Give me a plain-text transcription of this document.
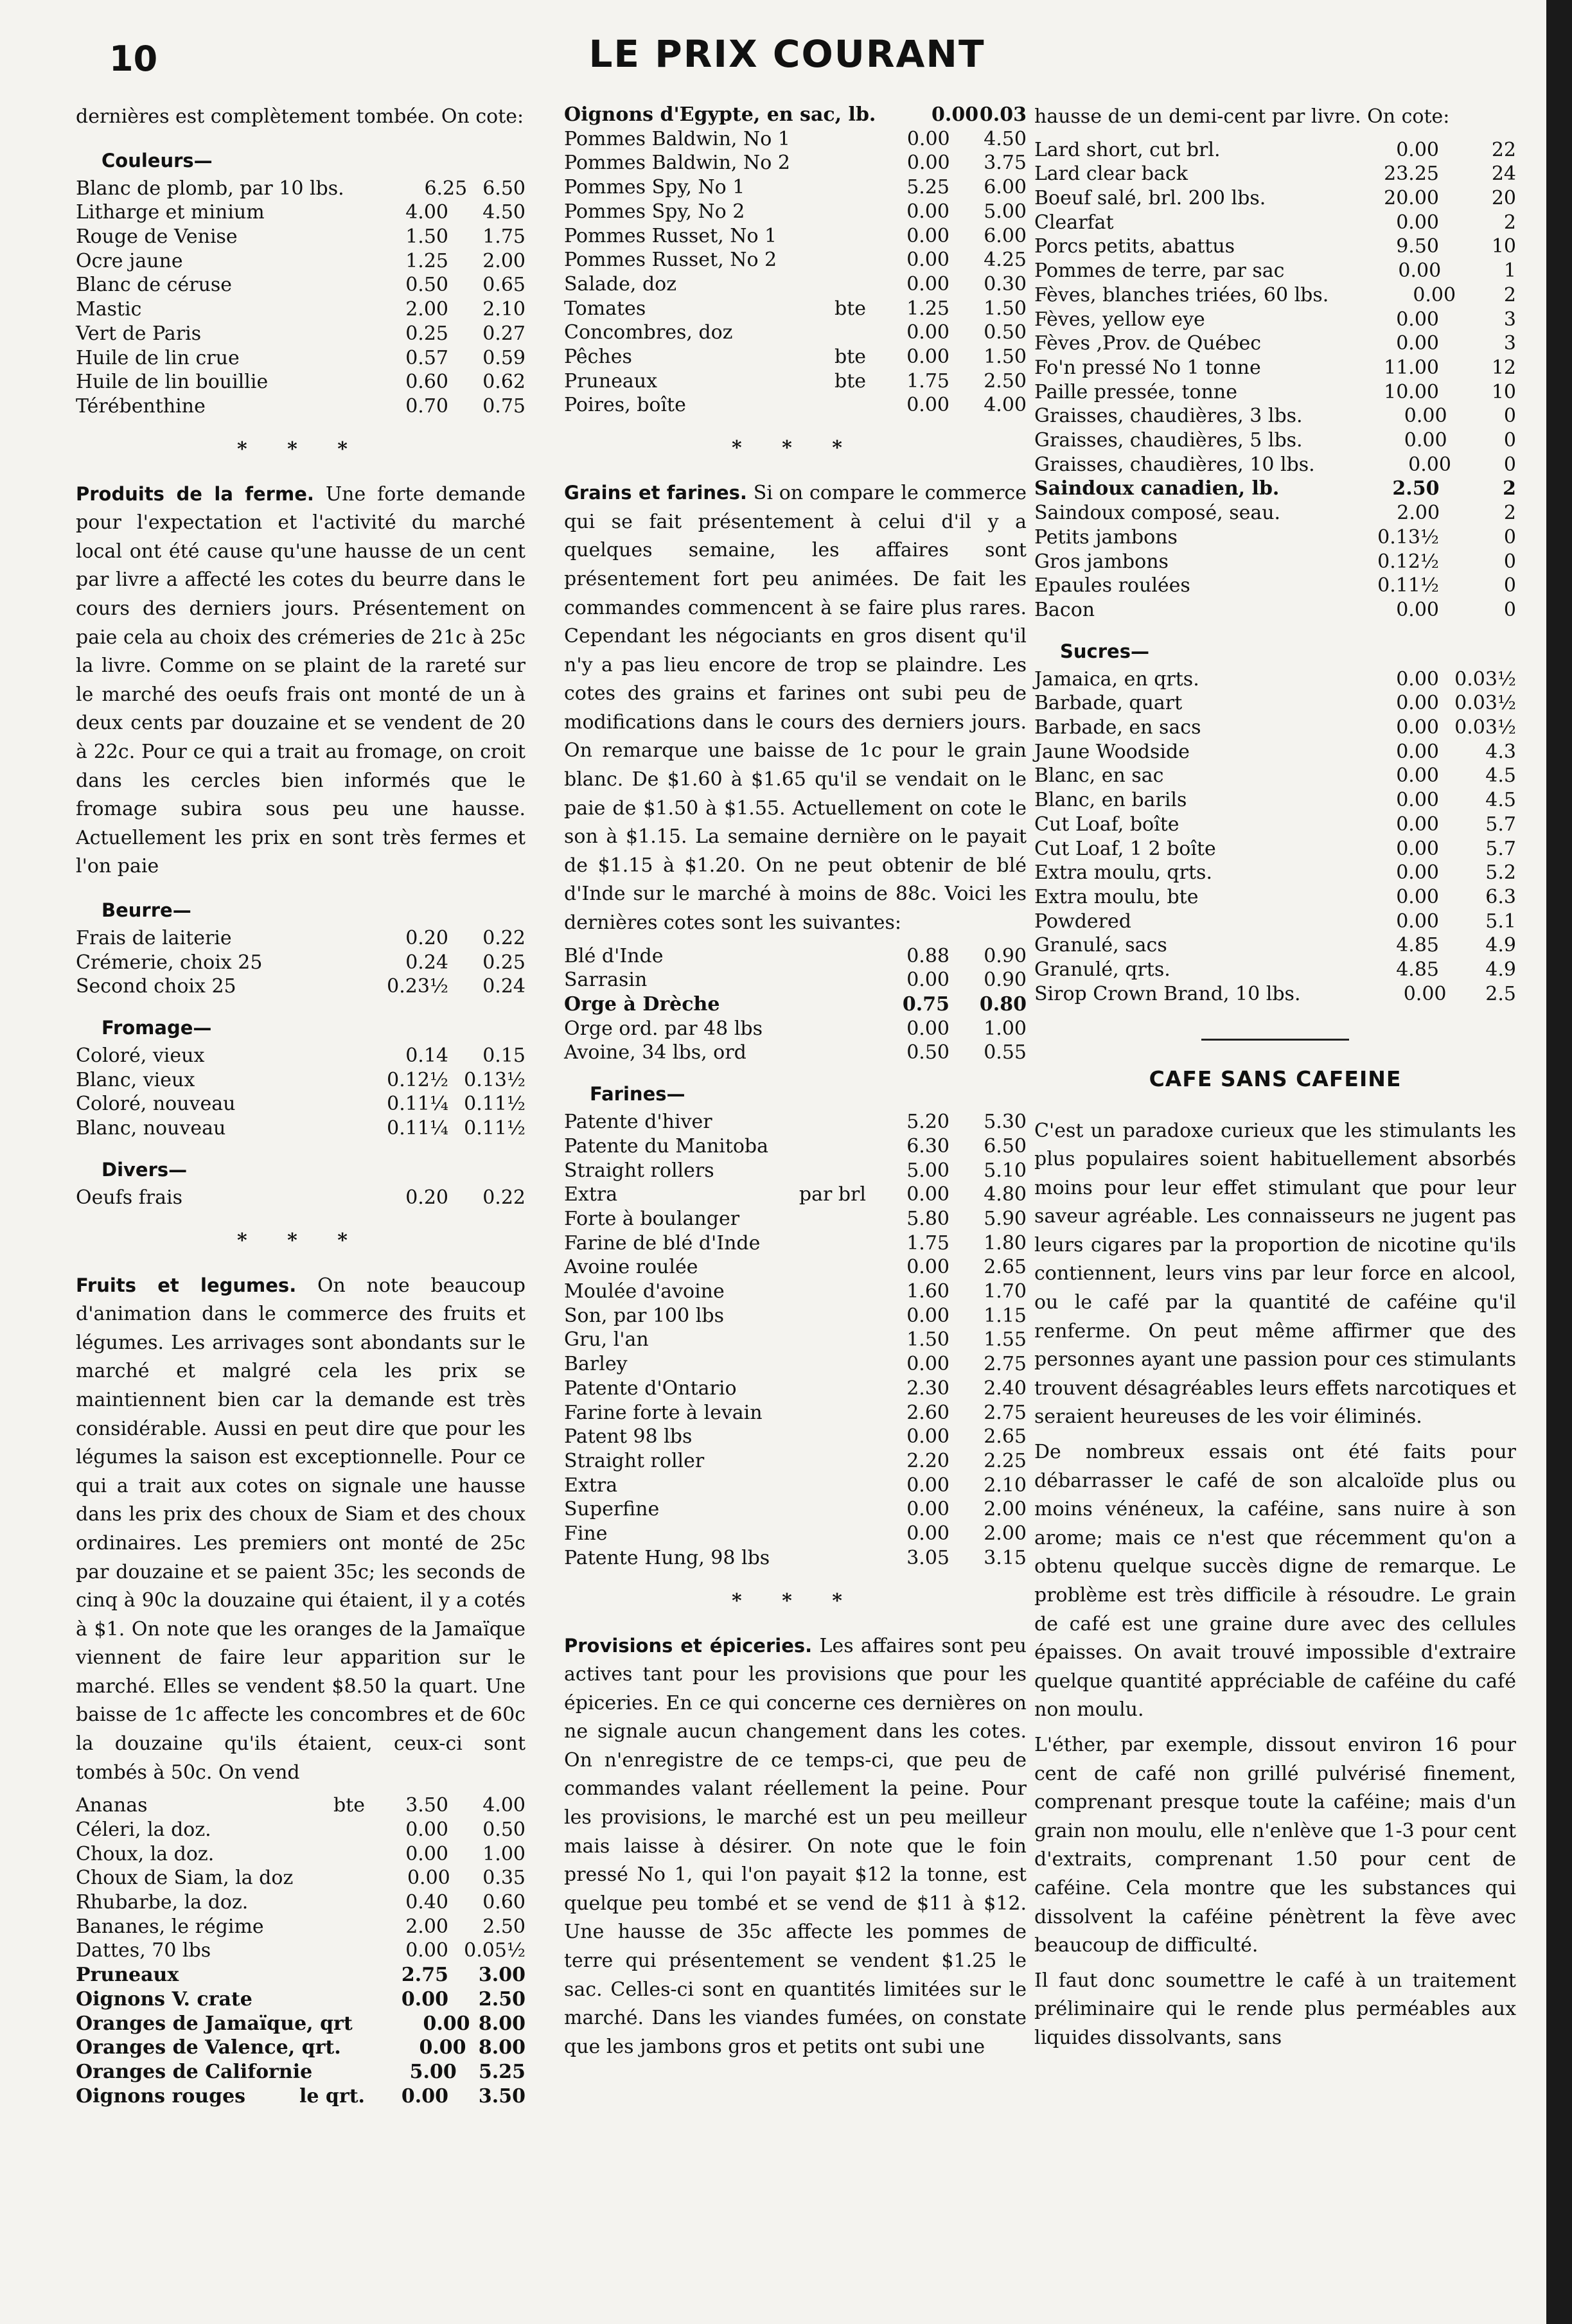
10	LE PRIX COURANT

dernières est complètement tombée. On cote:

Couleurs—
Blanc de plomb, par 10 lbs.	6.25 6.50
Litharge et minium	4.00	4.50
Rouge de Venise	1.50	1.75
Ocre jaune	1.25	2.00
Blanc de céruse	0.50	0.65
Mastic	2.00	2.10
Vert de Paris	0.25	0.27
Huile de lin crue	0.57	0.59
Huile de lin bouillie	0.60	0.62
Térébenthine	0.70	0.75
* * *

Produits de la ferme. Une forte demande pour l'expectation et l'activité du marché local ont été cause qu'une hausse de un cent par livre a affecté les cotes du beurre dans le cours des derniers jours. Présentement on paie cela au choix des crémeries de 21c à 25c la livre. Comme on se plaint de la rareté sur le marché des oeufs frais ont monté de un à deux cents par douzaine et se vendent de 20 à 22c. Pour ce qui a trait au fromage, on croit dans les cercles bien informés que le fromage subira sous peu une hausse. Actuellement les prix en sont très fermes et l'on paie

Beurre—
Frais de laiterie	0.20	0.22
Crémerie, choix 25	0.24	0.25
Second choix 25	0.23½	0.24
Fromage—
Coloré, vieux	0.14	0.15
Blanc, vieux	0.12½ 0.13½
Coloré, nouveau	0.11¼ 0.11½
Blanc, nouveau	0.11¼ 0.11½
Divers—
Oeufs frais	0.20	0.22
* * *

Fruits et legumes. On note beaucoup d'animation dans le commerce des fruits et légumes. Les arrivages sont abondants sur le marché et malgré cela les prix se maintiennent bien car la demande est très considérable. Aussi en peut dire que pour les légumes la saison est exceptionnelle. Pour ce qui a trait aux cotes on signale une hausse dans les prix des choux de Siam et des choux ordinaires. Les premiers ont monté de 25c par douzaine et se paient 35c; les seconds de cinq à 90c la douzaine qui étaient, il y a cotés à $1. On note que les oranges de la Jamaïque viennent de faire leur apparition sur le marché. Elles se vendent $8.50 la quart. Une baisse de 1c affecte les concombres et de 60c la douzaine qu'ils étaient, ceux-ci sont tombés à 50c. On vend

Ananas	bte	3.50	4.00
Céleri, la doz.	0.00	0.50
Choux, la doz.	0.00	1.00
Choux de Siam, la doz	0.00	0.35
Rhubarbe, la doz.	0.40	0.60
Bananes, le régime	2.00	2.50
Dattes, 70 lbs	0.00 0.05½
Pruneaux	2.75	3.00
Oignons V. crate	0.00	2.50
Oranges de Jamaïque, qrt	0.00 8.00
Oranges de Valence, qrt.	0.00 8.00
Oranges de Californie	5.00	5.25
Oignons rouges	le qrt.	0.00	3.50
Oignons d'Egypte, en sac, lb.	0.00 0.03
Pommes Baldwin, No 1	0.00	4.50
Pommes Baldwin, No 2	0.00	3.75
Pommes Spy, No 1	5.25	6.00
Pommes Spy, No 2	0.00	5.00
Pommes Russet, No 1	0.00	6.00
Pommes Russet, No 2	0.00	4.25
Salade, doz	0.00	0.30
Tomates	bte	1.25	1.50
Concombres, doz	0.00	0.50
Pêches	bte	0.00	1.50
Pruneaux	bte	1.75	2.50
Poires, boîte	0.00	4.00
* * *

Grains et farines. Si on compare le commerce qui se fait présentement à celui d'il y a quelques semaine, les affaires sont présentement fort peu animées. De fait les commandes commencent à se faire plus rares. Cependant les négociants en gros disent qu'il n'y a pas lieu encore de trop se plaindre. Les cotes des grains et farines ont subi peu de modifications dans le cours des derniers jours. On remarque une baisse de 1c pour le grain blanc. De $1.60 à $1.65 qu'il se vendait on le paie de $1.50 à $1.55. Actuellement on cote le son à $1.15. La semaine dernière on le payait de $1.15 à $1.20. On ne peut obtenir de blé d'Inde sur le marché à moins de 88c. Voici les dernières cotes sont les suivantes:

Blé d'Inde	0.88	0.90
Sarrasin	0.00	0.90
Orge à Drèche	0.75	0.80
Orge ord. par 48 lbs	0.00	1.00
Avoine, 34 lbs, ord	0.50	0.55
Farines—
Patente d'hiver	5.20	5.30
Patente du Manitoba	6.30	6.50
Straight rollers	5.00	5.10
Extra	par brl	0.00	4.80
Forte à boulanger	5.80	5.90
Farine de blé d'Inde	1.75	1.80
Avoine roulée	0.00	2.65
Moulée d'avoine	1.60	1.70
Son, par 100 lbs	0.00	1.15
Gru, l'an	1.50	1.55
Barley	0.00	2.75
Patente d'Ontario	2.30	2.40
Farine forte à levain	2.60	2.75
Patent 98 lbs	0.00	2.65
Straight roller	2.20	2.25
Extra	0.00	2.10
Superfine	0.00	2.00
Fine	0.00	2.00
Patente Hung, 98 lbs	3.05	3.15
* * *

Provisions et épiceries. Les affaires sont peu actives tant pour les provisions que pour les épiceries. En ce qui concerne ces dernières on ne signale aucun changement dans les cotes. On n'enregistre de ce temps-ci, que peu de commandes valant réellement la peine. Pour les provisions, le marché est un peu meilleur mais laisse à désirer. On note que le foin pressé No 1, qui l'on payait $12 la tonne, est quelque peu tombé et se vend de $11 à $12. Une hausse de 35c affecte les pommes de terre qui présentement se vendent $1.25 le sac. Celles-ci sont en quantités limitées sur le marché. Dans les viandes fumées, on constate que les jambons gros et petits ont subi une

hausse de un demi-cent par livre. On cote:

Lard short, cut brl.	0.00	22
Lard clear back	23.25	24
Boeuf salé, brl. 200 lbs.	20.00	20
Clearfat	0.00	2
Porcs petits, abattus	9.50	10
Pommes de terre, par sac	0.00	1
Fèves, blanches triées, 60 lbs.	0.00	2
Fèves, yellow eye	0.00	3
Fèves ,Prov. de Québec	0.00	3
Fo'n pressé No 1 tonne	11.00	12
Paille pressée, tonne	10.00	10
Graisses, chaudières, 3 lbs.	0.00	0
Graisses, chaudières, 5 lbs.	0.00	0
Graisses, chaudières, 10 lbs.	0.00	0
Saindoux canadien, lb.	2.50	2
Saindoux composé, seau.	2.00	2
Petits jambons	0.13½	0
Gros jambons	0.12½	0
Epaules roulées	0.11½	0
Bacon	0.00	0
Sucres—
Jamaica, en qrts.	0.00 0.03½
Barbade, quart	0.00 0.03½
Barbade, en sacs	0.00 0.03½
Jaune Woodside	0.00	4.3
Blanc, en sac	0.00	4.5
Blanc, en barils	0.00	4.5
Cut Loaf, boîte	0.00	5.7
Cut Loaf, 1 2 boîte	0.00	5.7
Extra moulu, qrts.	0.00	5.2
Extra moulu, bte	0.00	6.3
Powdered	0.00	5.1
Granulé, sacs	4.85	4.9
Granulé, qrts.	4.85	4.9
Sirop Crown Brand, 10 lbs.	0.00	2.5
CAFE SANS CAFEINE

C'est un paradoxe curieux que les stimulants les plus populaires soient habituellement absorbés moins pour leur effet stimulant que pour leur saveur agréable. Les connaisseurs ne jugent pas leurs cigares par la proportion de nicotine qu'ils contiennent, leurs vins par leur force en alcool, ou le café par la quantité de caféine qu'il renferme. On peut même affirmer que des personnes ayant une passion pour ces stimulants trouvent désagréables leurs effets narcotiques et seraient heureuses de les voir éliminés.

De nombreux essais ont été faits pour débarrasser le café de son alcaloïde plus ou moins vénéneux, la caféine, sans nuire à son arome; mais ce n'est que récemment qu'on a obtenu quelque succès digne de remarque. Le problème est très difficile à résoudre. Le grain de café est une graine dure avec des cellules épaisses. On avait trouvé impossible d'extraire quelque quantité appréciable de caféine du café non moulu.

L'éther, par exemple, dissout environ 16 pour cent de café non grillé pulvérisé finement, comprenant presque toute la caféine; mais d'un grain non moulu, elle n'enlève que 1-3 pour cent d'extraits, comprenant 1.50 pour cent de caféine. Cela montre que les substances qui dissolvent la caféine pénètrent la fève avec beaucoup de difficulté.

Il faut donc soumettre le café à un traitement préliminaire qui le rende plus perméables aux liquides dissolvants, sans
